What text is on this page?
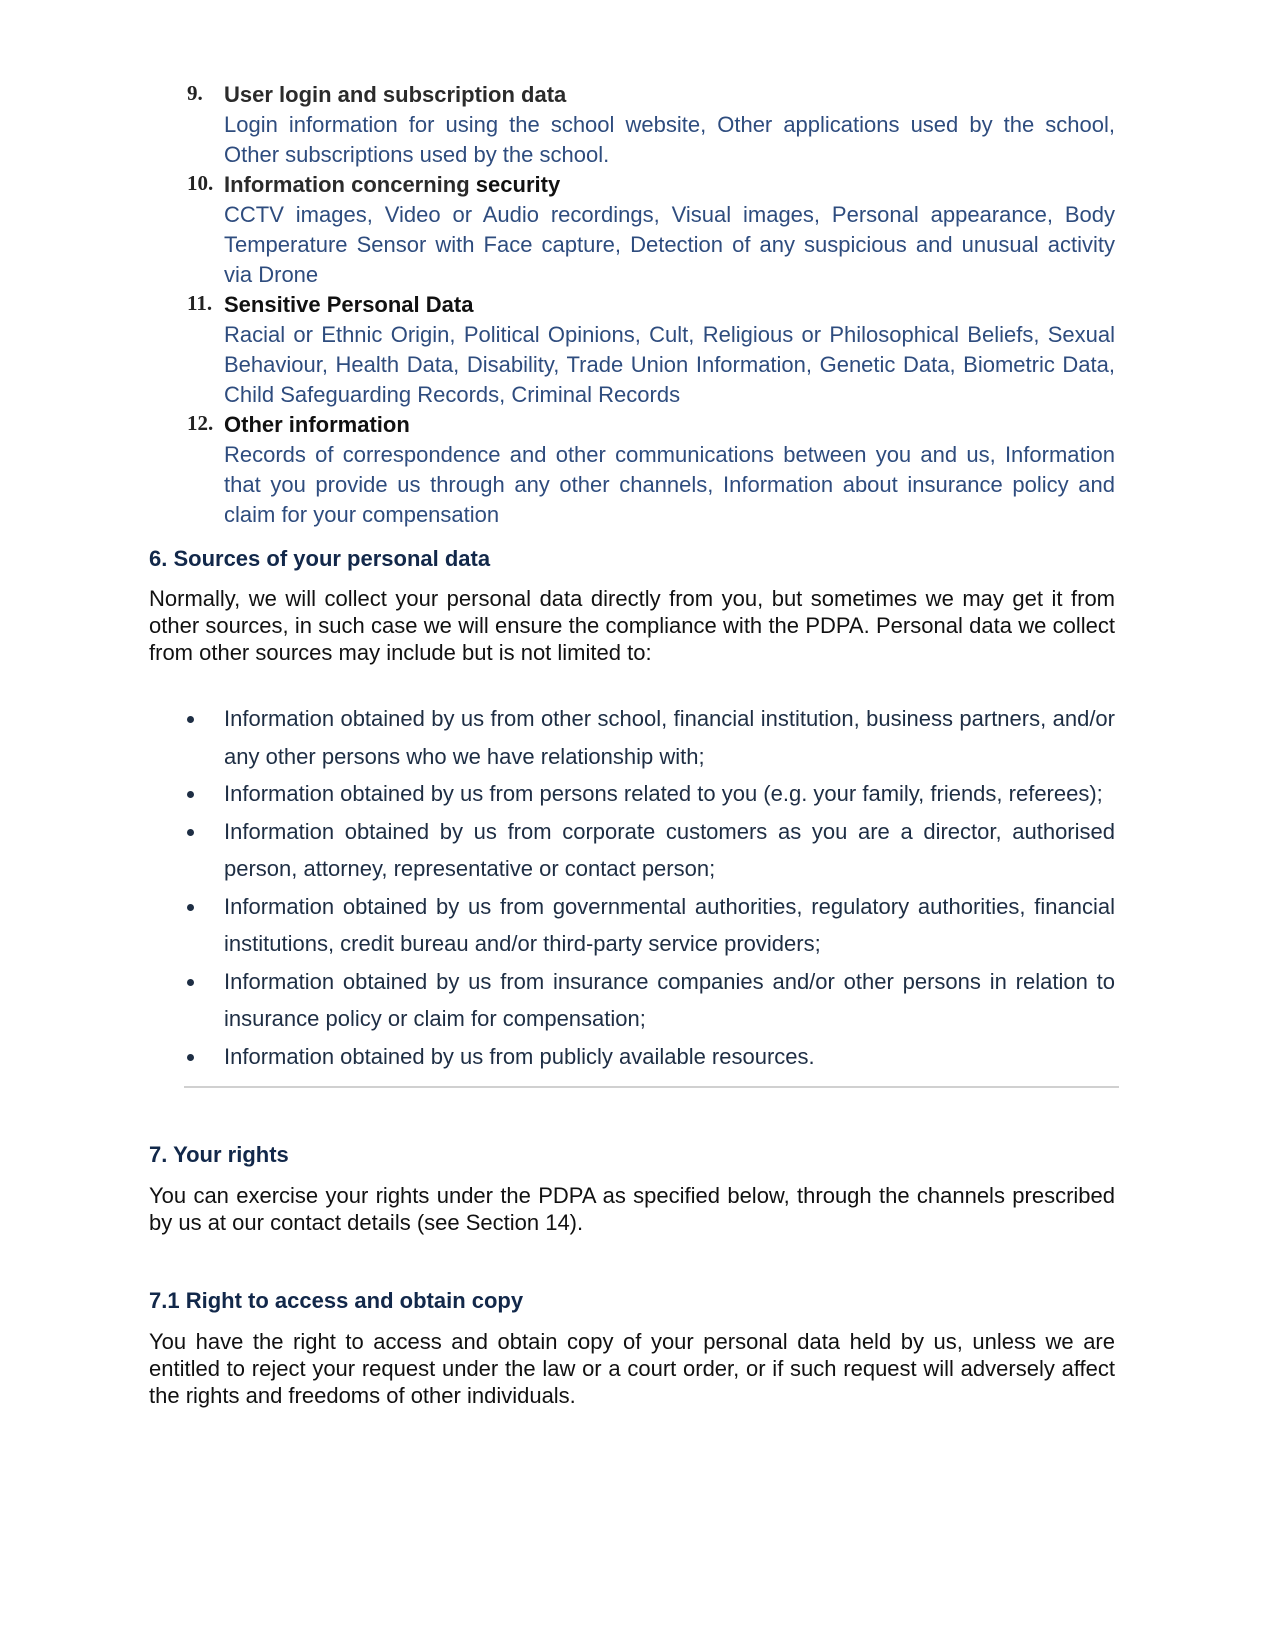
9. User login and subscription data
Login information for using the school website, Other applications used by the school, Other subscriptions used by the school.
10. Information concerning security
CCTV images, Video or Audio recordings, Visual images, Personal appearance, Body Temperature Sensor with Face capture, Detection of any suspicious and unusual activity via Drone
11. Sensitive Personal Data
Racial or Ethnic Origin, Political Opinions, Cult, Religious or Philosophical Beliefs, Sexual Behaviour, Health Data, Disability, Trade Union Information, Genetic Data, Biometric Data, Child Safeguarding Records, Criminal Records
12. Other information
Records of correspondence and other communications between you and us, Information that you provide us through any other channels, Information about insurance policy and claim for your compensation
6. Sources of your personal data

Normally, we will collect your personal data directly from you, but sometimes we may get it from other sources, in such case we will ensure the compliance with the PDPA. Personal data we collect from other sources may include but is not limited to:

Information obtained by us from other school, financial institution, business partners, and/or any other persons who we have relationship with;
Information obtained by us from persons related to you (e.g. your family, friends, referees);
Information obtained by us from corporate customers as you are a director, authorised person, attorney, representative or contact person;
Information obtained by us from governmental authorities, regulatory authorities, financial institutions, credit bureau and/or third-party service providers;
Information obtained by us from insurance companies and/or other persons in relation to insurance policy or claim for compensation;
Information obtained by us from publicly available resources.
7. Your rights

You can exercise your rights under the PDPA as specified below, through the channels prescribed by us at our contact details (see Section 14).

7.1 Right to access and obtain copy

You have the right to access and obtain copy of your personal data held by us, unless we are entitled to reject your request under the law or a court order, or if such request will adversely affect the rights and freedoms of other individuals.
